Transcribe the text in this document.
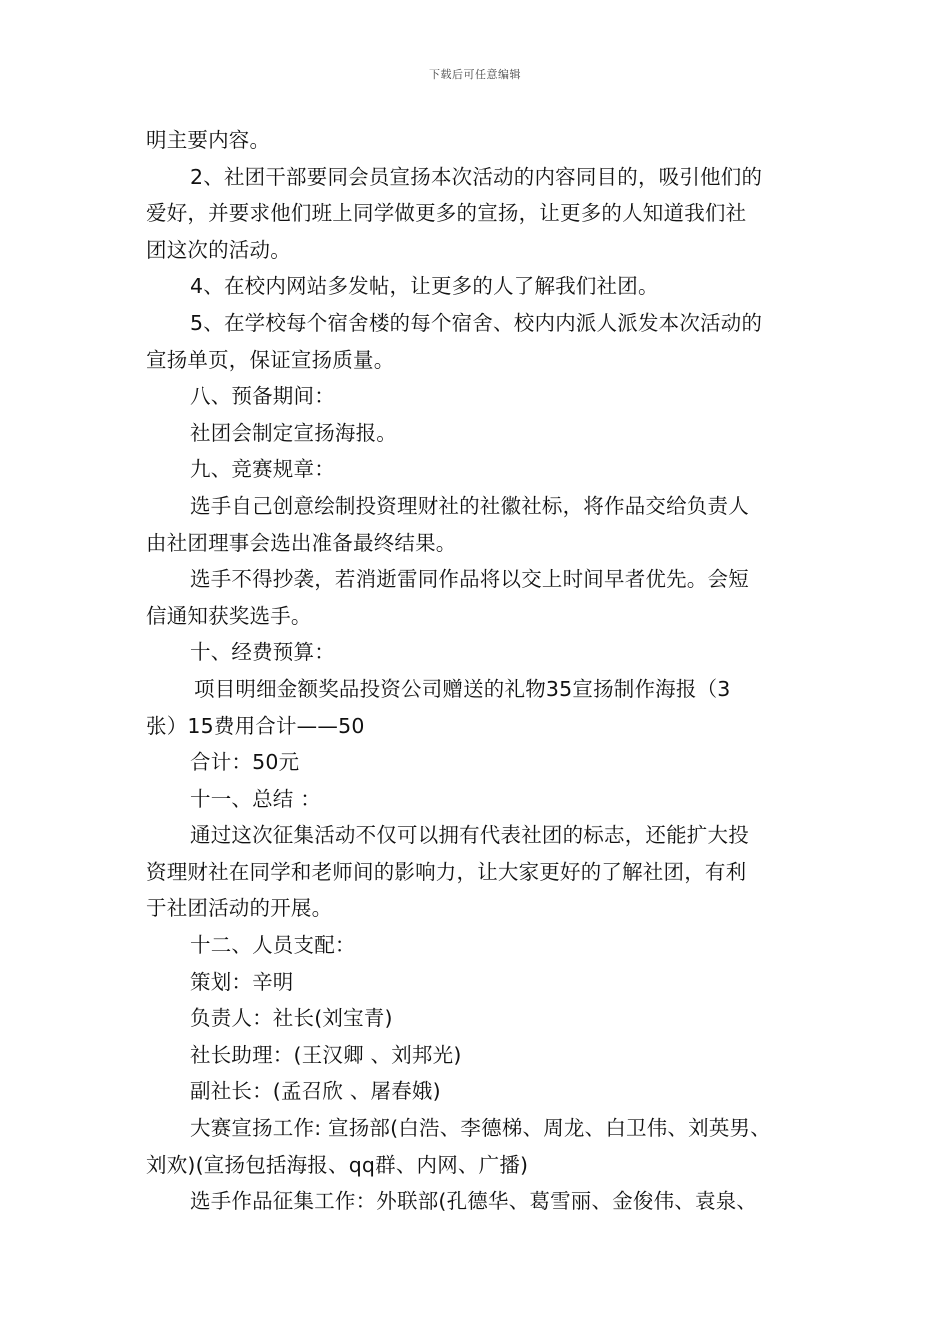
下载后可任意编辑
明主要内容。
2、社团干部要同会员宣扬本次活动的内容同目的，吸引他们的
爱好，并要求他们班上同学做更多的宣扬，让更多的人知道我们社
团这次的活动。
4、在校内网站多发帖，让更多的人了解我们社团。
5、在学校每个宿舍楼的每个宿舍、校内内派人派发本次活动的
宣扬单页，保证宣扬质量。
八、预备期间：
社团会制定宣扬海报。
九、竞赛规章：
选手自己创意绘制投资理财社的社徽社标，将作品交给负责人
由社团理事会选出准备最终结果。
选手不得抄袭，若消逝雷同作品将以交上时间早者优先。会短
信通知获奖选手。
十、经费预算：
项目明细金额奖品投资公司赠送的礼物35宣扬制作海报（3
张）15费用合计——50
合计：50元
十一、总结 ：
通过这次征集活动不仅可以拥有代表社团的标志，还能扩大投
资理财社在同学和老师间的影响力，让大家更好的了解社团，有利
于社团活动的开展。
十二、人员支配：
策划：辛明
负责人：社长(刘宝青)
社长助理：(王汉卿 、刘邦光)
副社长：(孟召欣 、屠春娥)
大赛宣扬工作: 宣扬部(白浩、李德梯、周龙、白卫伟、刘英男、
刘欢)(宣扬包括海报、qq群、内网、广播)
选手作品征集工作：外联部(孔德华、葛雪丽、金俊伟、袁泉、
